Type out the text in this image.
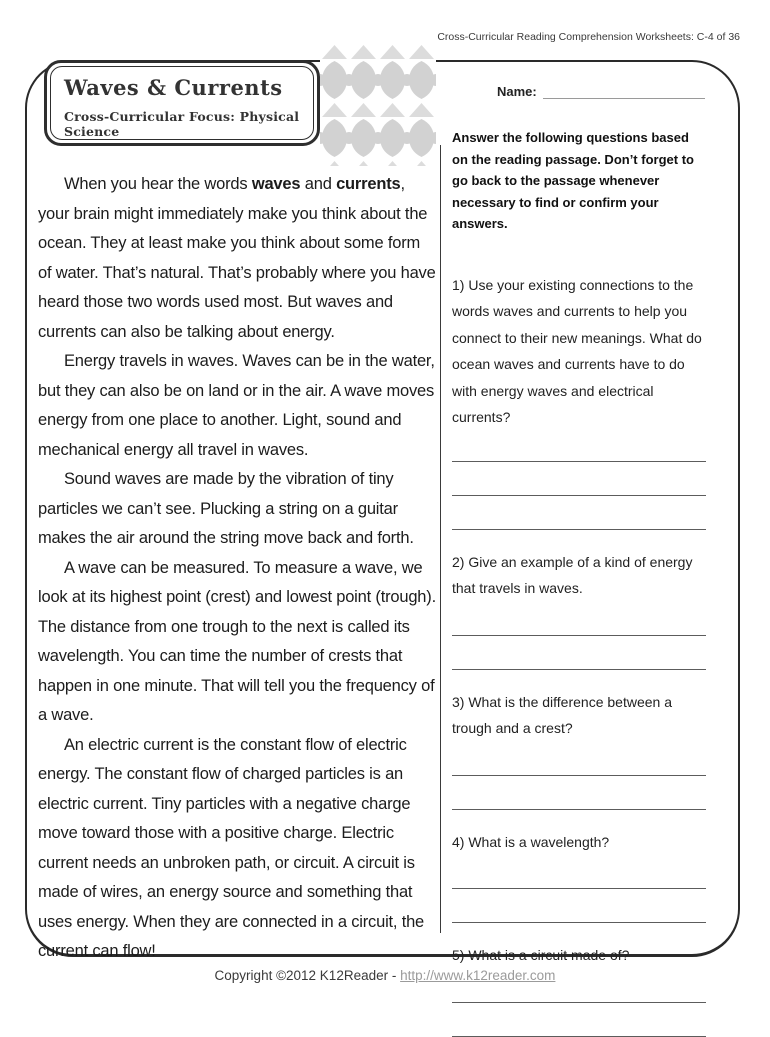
Cross-Curricular Reading Comprehension Worksheets: C-4 of 36
Waves & Currents
Cross-Curricular Focus: Physical Science
Name:

When you hear the words waves and currents, your brain might immediately make you think about the ocean. They at least make you think about some form of water. That’s natural. That’s probably where you have heard those two words used most. But waves and currents can also be talking about energy.

Energy travels in waves. Waves can be in the water, but they can also be on land or in the air. A wave moves energy from one place to another. Light, sound and mechanical energy all travel in waves.

Sound waves are made by the vibration of tiny particles we can’t see. Plucking a string on a guitar makes the air around the string move back and forth.

A wave can be measured. To measure a wave, we look at its highest point (crest) and lowest point (trough). The distance from one trough to the next is called its wavelength. You can time the number of crests that happen in one minute. That will tell you the frequency of a wave.

An electric current is the constant flow of electric energy. The constant flow of charged particles is an electric current. Tiny particles with a negative charge move toward those with a positive charge. Electric current needs an unbroken path, or circuit. A circuit is made of wires, an energy source and something that uses energy. When they are connected in a circuit, the current can flow!

Answer the following questions based on the reading passage. Don’t forget to go back to the passage whenever necessary to find or confirm your answers.

1) Use your existing connections to the words waves and currents to help you connect to their new meanings. What do ocean waves and currents have to do with energy waves and electrical currents?

2) Give an example of a kind of energy that travels in waves.

3) What is the difference between a trough and a crest?

4) What is a wavelength?

5) What is a circuit made of?

Copyright ©2012 K12Reader - http://www.k12reader.com
